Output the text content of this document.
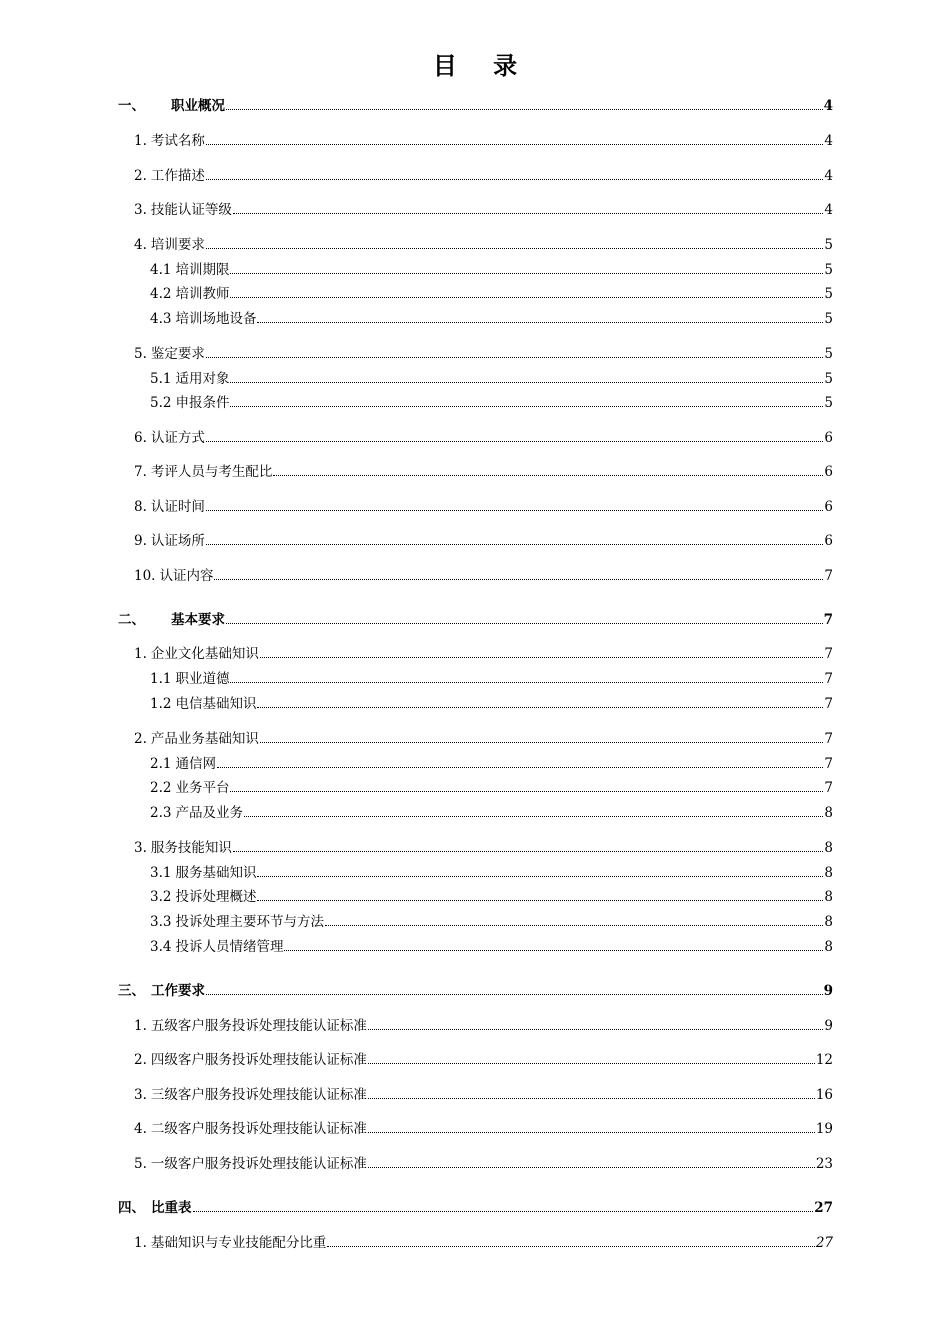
目 录
一、 职业概况	4
1. 考试名称	4
2. 工作描述	4
3. 技能认证等级	4
4. 培训要求	5
4.1 培训期限	5
4.2 培训教师	5
4.3 培训场地设备	5
5. 鉴定要求	5
5.1 适用对象	5
5.2 申报条件	5
6. 认证方式	6
7. 考评人员与考生配比	6
8. 认证时间	6
9. 认证场所	6
10. 认证内容	7
二、 基本要求	7
1. 企业文化基础知识	7
1.1 职业道德	7
1.2 电信基础知识	7
2. 产品业务基础知识	7
2.1 通信网	7
2.2 业务平台	7
2.3 产品及业务	8
3. 服务技能知识	8
3.1 服务基础知识	8
3.2 投诉处理概述	8
3.3 投诉处理主要环节与方法	8
3.4 投诉人员情绪管理	8
三、 工作要求	9
1. 五级客户服务投诉处理技能认证标准	9
2. 四级客户服务投诉处理技能认证标准	12
3. 三级客户服务投诉处理技能认证标准	16
4. 二级客户服务投诉处理技能认证标准	19
5. 一级客户服务投诉处理技能认证标准	23
四、 比重表	27
1. 基础知识与专业技能配分比重	27
